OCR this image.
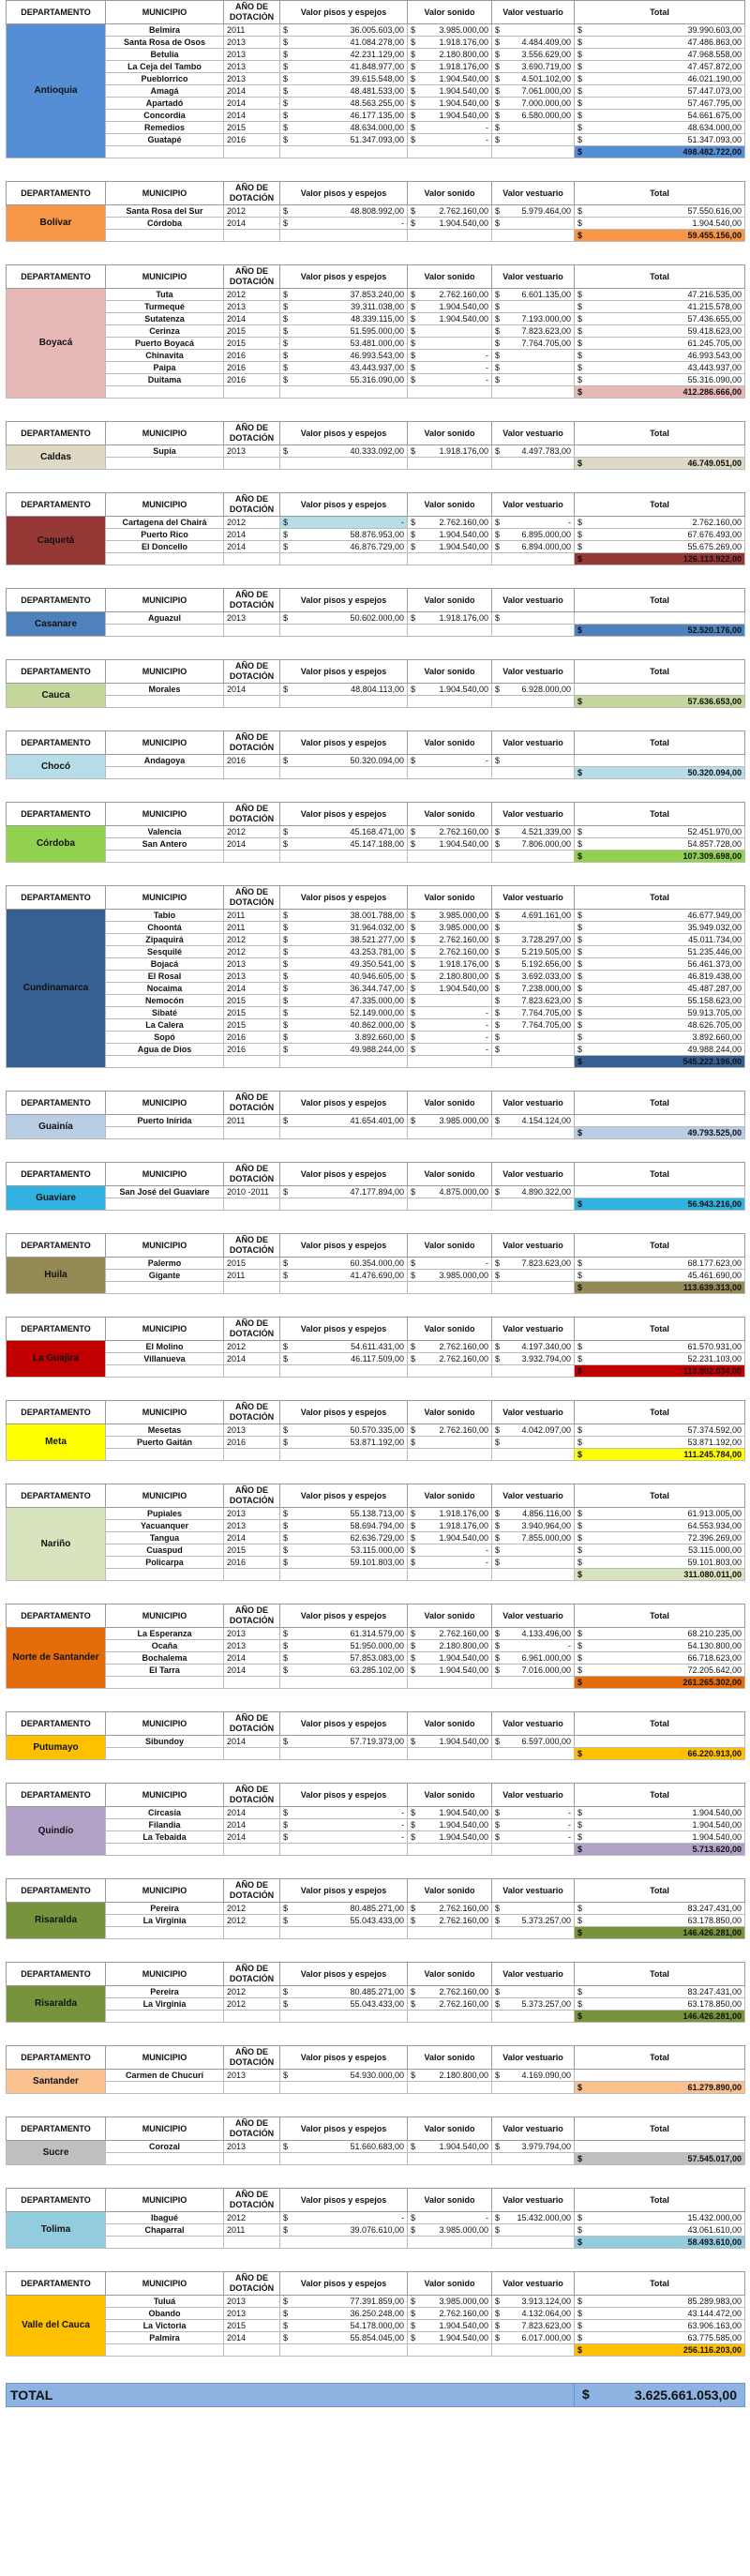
DEPARTAMENTO	MUNICIPIO	AÑO DE DOTACIÓN	Valor pisos y espejos	Valor sonido	Valor vestuario	Total
Antioquia	Belmira	2011	$ 36.005.603,00	$ 3.985.000,00	$	$ 39.990.603,00
	Santa Rosa de Osos	2013	$ 41.084.278,00	$ 1.918.176,00	$ 4.484.409,00	$ 47.486.863,00
	Betulia	2013	$ 42.231.129,00	$ 2.180.800,00	$ 3.556.629,00	$ 47.968.558,00
	La Ceja del Tambo	2013	$ 41.848.977,00	$ 1.918.176,00	$ 3.690.719,00	$ 47.457.872,00
	Pueblorrico	2013	$ 39.615.548,00	$ 1.904.540,00	$ 4.501.102,00	$ 46.021.190,00
	Amagá	2014	$ 48.481.533,00	$ 1.904.540,00	$ 7.061.000,00	$ 57.447.073,00
	Apartadó	2014	$ 48.563.255,00	$ 1.904.540,00	$ 7.000.000,00	$ 57.467.795,00
	Concordia	2014	$ 46.177.135,00	$ 1.904.540,00	$ 6.580.000,00	$ 54.661.675,00
	Remedios	2015	$ 48.634.000,00	$ -	$	$ 48.634.000,00
	Guatapé	2016	$ 51.347.093,00	$ -	$	$ 51.347.093,00

						$ 498.482.722,00
DEPARTAMENTO	MUNICIPIO	AÑO DE DOTACIÓN	Valor pisos y espejos	Valor sonido	Valor vestuario	Total
Bolívar	Santa Rosa del Sur	2012	$ 48.808.992,00	$ 2.762.160,00	$ 5.979.464,00	$ 57.550.616,00
	Córdoba	2014	$ -	$ 1.904.540,00	$	$ 1.904.540,00

						$ 59.455.156,00
DEPARTAMENTO	MUNICIPIO	AÑO DE DOTACIÓN	Valor pisos y espejos	Valor sonido	Valor vestuario	Total
Boyacá	Tuta	2012	$ 37.853.240,00	$ 2.762.160,00	$ 6.601.135,00	$ 47.216.535,00
	Turmequé	2013	$ 39.311.038,00	$ 1.904.540,00	$	$ 41.215.578,00
	Sutatenza	2014	$ 48.339.115,00	$ 1.904.540,00	$ 7.193.000,00	$ 57.436.655,00
	Cerinza	2015	$ 51.595.000,00	$	$ 7.823.623,00	$ 59.418.623,00
	Puerto Boyacá	2015	$ 53.481.000,00	$	$ 7.764.705,00	$ 61.245.705,00
	Chinavita	2016	$ 46.993.543,00	$ -	$	$ 46.993.543,00
	Paipa	2016	$ 43.443.937,00	$ -	$	$ 43.443.937,00
	Duitama	2016	$ 55.316.090,00	$ -	$	$ 55.316.090,00

						$ 412.286.666,00
DEPARTAMENTO	MUNICIPIO	AÑO DE DOTACIÓN	Valor pisos y espejos	Valor sonido	Valor vestuario	Total
Caldas	Supía	2013	$ 40.333.092,00	$ 1.918.176,00	$ 4.497.783,00	

						$ 46.749.051,00
DEPARTAMENTO	MUNICIPIO	AÑO DE DOTACIÓN	Valor pisos y espejos	Valor sonido	Valor vestuario	Total
Caquetá	Cartagena del Chairá	2012	$ -	$ 2.762.160,00	$ -	$ 2.762.160,00
	Puerto Rico	2014	$ 58.876.953,00	$ 1.904.540,00	$ 6.895.000,00	$ 67.676.493,00
	El Doncello	2014	$ 46.876.729,00	$ 1.904.540,00	$ 6.894.000,00	$ 55.675.269,00

						$ 126.113.922,00
DEPARTAMENTO	MUNICIPIO	AÑO DE DOTACIÓN	Valor pisos y espejos	Valor sonido	Valor vestuario	Total
Casanare	Aguazul	2013	$ 50.602.000,00	$ 1.918.176,00	$	

						$ 52.520.176,00
DEPARTAMENTO	MUNICIPIO	AÑO DE DOTACIÓN	Valor pisos y espejos	Valor sonido	Valor vestuario	Total
Cauca	Morales	2014	$ 48.804.113,00	$ 1.904.540,00	$ 6.928.000,00	

						$ 57.636.653,00
DEPARTAMENTO	MUNICIPIO	AÑO DE DOTACIÓN	Valor pisos y espejos	Valor sonido	Valor vestuario	Total
Chocó	Andagoya	2016	$ 50.320.094,00	$ -	$	

						$ 50.320.094,00
DEPARTAMENTO	MUNICIPIO	AÑO DE DOTACIÓN	Valor pisos y espejos	Valor sonido	Valor vestuario	Total
Córdoba	Valencia	2012	$ 45.168.471,00	$ 2.762.160,00	$ 4.521.339,00	$ 52.451.970,00
	San Antero	2014	$ 45.147.188,00	$ 1.904.540,00	$ 7.806.000,00	$ 54.857.728,00

						$ 107.309.698,00
DEPARTAMENTO	MUNICIPIO	AÑO DE DOTACIÓN	Valor pisos y espejos	Valor sonido	Valor vestuario	Total
Cundinamarca	Tabio	2011	$ 38.001.788,00	$ 3.985.000,00	$ 4.691.161,00	$ 46.677.949,00
	Choontá	2011	$ 31.964.032,00	$ 3.985.000,00	$	$ 35.949.032,00
	Zipaquirá	2012	$ 38.521.277,00	$ 2.762.160,00	$ 3.728.297,00	$ 45.011.734,00
	Sesquilé	2012	$ 43.253.781,00	$ 2.762.160,00	$ 5.219.505,00	$ 51.235.446,00
	Bojacá	2013	$ 49.350.541,00	$ 1.918.176,00	$ 5.192.656,00	$ 56.461.373,00
	El Rosal	2013	$ 40.946.605,00	$ 2.180.800,00	$ 3.692.033,00	$ 46.819.438,00
	Nocaima	2014	$ 36.344.747,00	$ 1.904.540,00	$ 7.238.000,00	$ 45.487.287,00
	Nemocón	2015	$ 47.335.000,00	$	$ 7.823.623,00	$ 55.158.623,00
	Sibaté	2015	$ 52.149.000,00	$ -	$ 7.764.705,00	$ 59.913.705,00
	La Calera	2015	$ 40.862.000,00	$ -	$ 7.764.705,00	$ 48.626.705,00
	Sopó	2016	$ 3.892.660,00	$ -	$	$ 3.892.660,00
	Agua de Dios	2016	$ 49.988.244,00	$ -	$	$ 49.988.244,00

						$ 545.222.196,00
DEPARTAMENTO	MUNICIPIO	AÑO DE DOTACIÓN	Valor pisos y espejos	Valor sonido	Valor vestuario	Total
Guainía	Puerto Inírida	2011	$ 41.654.401,00	$ 3.985.000,00	$ 4.154.124,00	

						$ 49.793.525,00
DEPARTAMENTO	MUNICIPIO	AÑO DE DOTACIÓN	Valor pisos y espejos	Valor sonido	Valor vestuario	Total
Guaviare	San José del Guaviare	2010 -2011	$ 47.177.894,00	$ 4.875.000,00	$ 4.890.322,00	

						$ 56.943.216,00
DEPARTAMENTO	MUNICIPIO	AÑO DE DOTACIÓN	Valor pisos y espejos	Valor sonido	Valor vestuario	Total
Huila	Palermo	2015	$ 60.354.000,00	$ -	$ 7.823.623,00	$ 68.177.623,00
	Gigante	2011	$ 41.476.690,00	$ 3.985.000,00	$	$ 45.461.690,00

						$ 113.639.313,00
DEPARTAMENTO	MUNICIPIO	AÑO DE DOTACIÓN	Valor pisos y espejos	Valor sonido	Valor vestuario	Total
La Guajira	El Molino	2012	$ 54.611.431,00	$ 2.762.160,00	$ 4.197.340,00	$ 61.570.931,00
	Villanueva	2014	$ 46.117.509,00	$ 2.762.160,00	$ 3.932.794,00	$ 52.231.103,00

						$ 113.802.034,00
DEPARTAMENTO	MUNICIPIO	AÑO DE DOTACIÓN	Valor pisos y espejos	Valor sonido	Valor vestuario	Total
Meta	Mesetas	2013	$ 50.570.335,00	$ 2.762.160,00	$ 4.042.097,00	$ 57.374.592,00
	Puerto Gaitán	2016	$ 53.871.192,00	$	$	$ 53.871.192,00

						$ 111.245.784,00
DEPARTAMENTO	MUNICIPIO	AÑO DE DOTACIÓN	Valor pisos y espejos	Valor sonido	Valor vestuario	Total
Nariño	Pupiales	2013	$ 55.138.713,00	$ 1.918.176,00	$ 4.856.116,00	$ 61.913.005,00
	Yacuanquer	2013	$ 58.694.794,00	$ 1.918.176,00	$ 3.940.964,00	$ 64.553.934,00
	Tangua	2014	$ 62.636.729,00	$ 1.904.540,00	$ 7.855.000,00	$ 72.396.269,00
	Cuaspud	2015	$ 53.115.000,00	$ -	$	$ 53.115.000,00
	Policarpa	2016	$ 59.101.803,00	$ -	$	$ 59.101.803,00

						$ 311.080.011,00
DEPARTAMENTO	MUNICIPIO	AÑO DE DOTACIÓN	Valor pisos y espejos	Valor sonido	Valor vestuario	Total
Norte de Santander	La Esperanza	2013	$ 61.314.579,00	$ 2.762.160,00	$ 4.133.496,00	$ 68.210.235,00
	Ocaña	2013	$ 51.950.000,00	$ 2.180.800,00	$ -	$ 54.130.800,00
	Bochalema	2014	$ 57.853.083,00	$ 1.904.540,00	$ 6.961.000,00	$ 66.718.623,00
	El Tarra	2014	$ 63.285.102,00	$ 1.904.540,00	$ 7.016.000,00	$ 72.205.642,00

						$ 261.265.302,00
DEPARTAMENTO	MUNICIPIO	AÑO DE DOTACIÓN	Valor pisos y espejos	Valor sonido	Valor vestuario	Total
Putumayo	Sibundoy	2014	$ 57.719.373,00	$ 1.904.540,00	$ 6.597.000,00	

						$ 66.220.913,00
DEPARTAMENTO	MUNICIPIO	AÑO DE DOTACIÓN	Valor pisos y espejos	Valor sonido	Valor vestuario	Total
Quindío	Circasia	2014	$ -	$ 1.904.540,00	$ -	$ 1.904.540,00
	Filandia	2014	$ -	$ 1.904.540,00	$ -	$ 1.904.540,00
	La Tebaida	2014	$ -	$ 1.904.540,00	$ -	$ 1.904.540,00

						$ 5.713.620,00
DEPARTAMENTO	MUNICIPIO	AÑO DE DOTACIÓN	Valor pisos y espejos	Valor sonido	Valor vestuario	Total
Risaralda	Pereira	2012	$ 80.485.271,00	$ 2.762.160,00	$	$ 83.247.431,00
	La Virginia	2012	$ 55.043.433,00	$ 2.762.160,00	$ 5.373.257,00	$ 63.178.850,00

						$ 146.426.281,00
DEPARTAMENTO	MUNICIPIO	AÑO DE DOTACIÓN	Valor pisos y espejos	Valor sonido	Valor vestuario	Total
Risaralda	Pereira	2012	$ 80.485.271,00	$ 2.762.160,00	$	$ 83.247.431,00
	La Virginia	2012	$ 55.043.433,00	$ 2.762.160,00	$ 5.373.257,00	$ 63.178.850,00

						$ 146.426.281,00
DEPARTAMENTO	MUNICIPIO	AÑO DE DOTACIÓN	Valor pisos y espejos	Valor sonido	Valor vestuario	Total
Santander	Carmen de Chucurí	2013	$ 54.930.000,00	$ 2.180.800,00	$ 4.169.090,00	

						$ 61.279.890,00
DEPARTAMENTO	MUNICIPIO	AÑO DE DOTACIÓN	Valor pisos y espejos	Valor sonido	Valor vestuario	Total
Sucre	Corozal	2013	$ 51.660.683,00	$ 1.904.540,00	$ 3.979.794,00	

						$ 57.545.017,00
DEPARTAMENTO	MUNICIPIO	AÑO DE DOTACIÓN	Valor pisos y espejos	Valor sonido	Valor vestuario	Total
Tolima	Ibagué	2012	$ -	$ -	$ 15.432.000,00	$ 15.432.000,00
	Chaparral	2011	$ 39.076.610,00	$ 3.985.000,00	$	$ 43.061.610,00

						$ 58.493.610,00
DEPARTAMENTO	MUNICIPIO	AÑO DE DOTACIÓN	Valor pisos y espejos	Valor sonido	Valor vestuario	Total
Valle del Cauca	Tuluá	2013	$ 77.391.859,00	$ 3.985.000,00	$ 3.913.124,00	$ 85.289.983,00
	Obando	2013	$ 36.250.248,00	$ 2.762.160,00	$ 4.132.064,00	$ 43.144.472,00
	La Victoria	2015	$ 54.178.000,00	$ 1.904.540,00	$ 7.823.623,00	$ 63.906.163,00
	Palmira	2014	$ 55.854.045,00	$ 1.904.540,00	$ 6.017.000,00	$ 63.775.585,00

						$ 256.116.203,00
TOTAL	$	3.625.661.053,00
